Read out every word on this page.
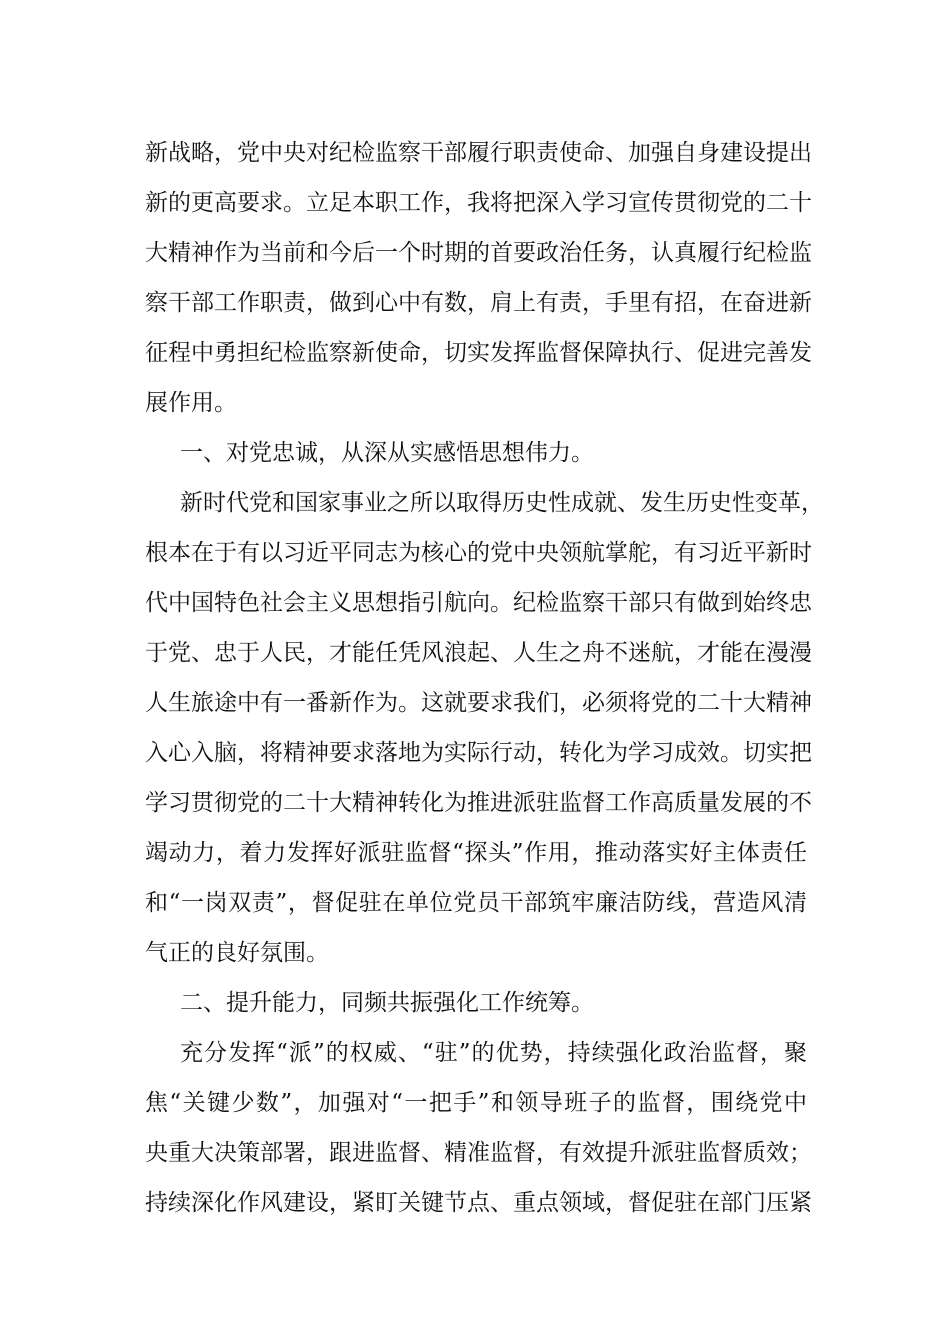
新战略，党中央对纪检监察干部履行职责使命、加强自身建设提出
新的更高要求。立足本职工作，我将把深入学习宣传贯彻党的二十
大精神作为当前和今后一个时期的首要政治任务，认真履行纪检监
察干部工作职责，做到心中有数，肩上有责，手里有招，在奋进新
征程中勇担纪检监察新使命，切实发挥监督保障执行、促进完善发
展作用。
一、对党忠诚，从深从实感悟思想伟力。
新时代党和国家事业之所以取得历史性成就、发生历史性变革，
根本在于有以习近平同志为核心的党中央领航掌舵，有习近平新时
代中国特色社会主义思想指引航向。纪检监察干部只有做到始终忠
于党、忠于人民，才能任凭风浪起、人生之舟不迷航，才能在漫漫
人生旅途中有一番新作为。这就要求我们，必须将党的二十大精神
入心入脑，将精神要求落地为实际行动，转化为学习成效。切实把
学习贯彻党的二十大精神转化为推进派驻监督工作高质量发展的不
竭动力，着力发挥好派驻监督“探头”作用，推动落实好主体责任
和“一岗双责”，督促驻在单位党员干部筑牢廉洁防线，营造风清
气正的良好氛围。
二、提升能力，同频共振强化工作统筹。
充分发挥“派”的权威、“驻”的优势，持续强化政治监督，聚
焦“关键少数”，加强对“一把手”和领导班子的监督，围绕党中
央重大决策部署，跟进监督、精准监督，有效提升派驻监督质效；
持续深化作风建设，紧盯关键节点、重点领域，督促驻在部门压紧
